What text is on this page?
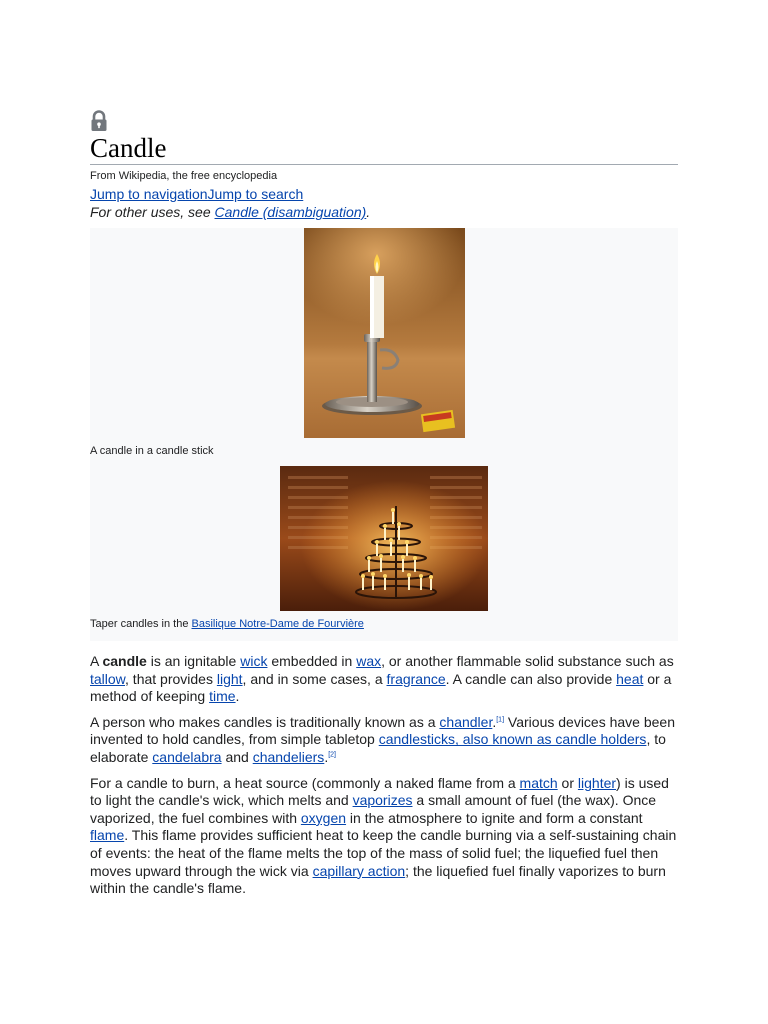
Candle
From Wikipedia, the free encyclopedia
Jump to navigationJump to search
For other uses, see Candle (disambiguation).
A candle in a candle stick
Taper candles in the Basilique Notre-Dame de Fourvière

A candle is an ignitable wick embedded in wax, or another flammable solid substance such as tallow, that provides light, and in some cases, a fragrance. A candle can also provide heat or a method of keeping time.

A person who makes candles is traditionally known as a chandler.[1] Various devices have been invented to hold candles, from simple tabletop candlesticks, also known as candle holders, to elaborate candelabra and chandeliers.[2]

For a candle to burn, a heat source (commonly a naked flame from a match or lighter) is used to light the candle's wick, which melts and vaporizes a small amount of fuel (the wax). Once vaporized, the fuel combines with oxygen in the atmosphere to ignite and form a constant flame. This flame provides sufficient heat to keep the candle burning via a self-sustaining chain of events: the heat of the flame melts the top of the mass of solid fuel; the liquefied fuel then moves upward through the wick via capillary action; the liquefied fuel finally vaporizes to burn within the candle's flame.
